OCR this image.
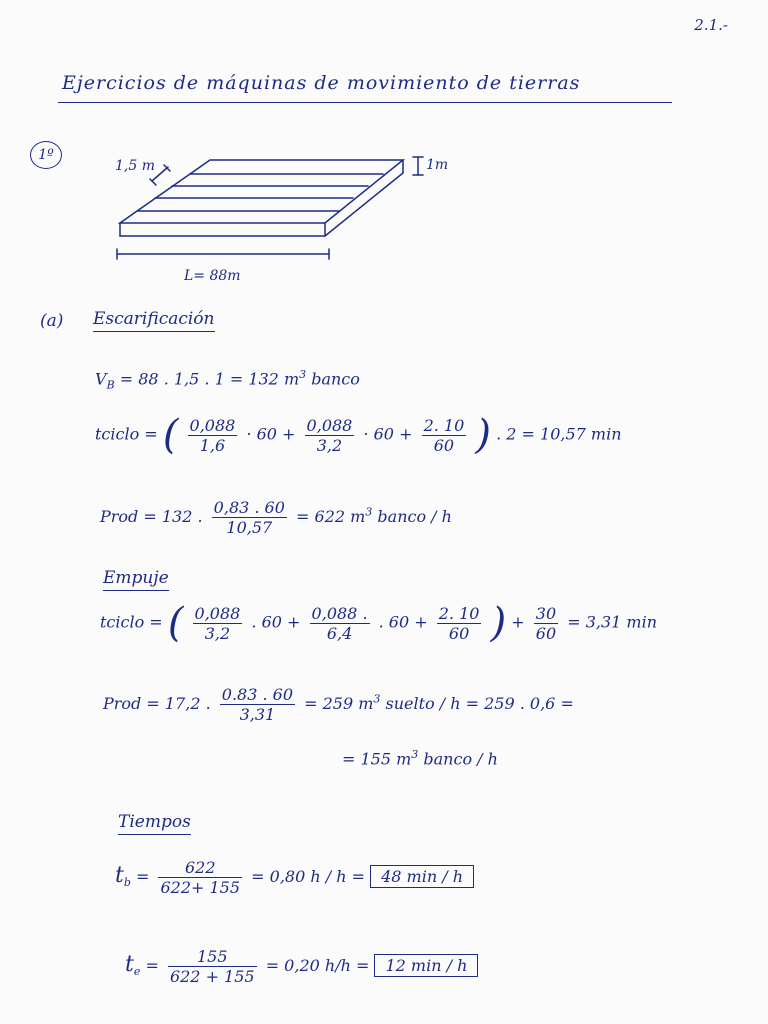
2.1.-
Ejercicios de máquinas de movimiento de tierras
1º
1,5 m	1m
L= 88m
(a) Escarificación
$V_B = 88$ . 1,5 . 1 = 132 $m^3$ banco
tciclo = ( $\frac{0,088}{1,6} \cdot 60 + \frac{0,088}{3,2} \cdot 60 + \frac{2. 10}{60}$ ) . 2 = 10,57 min
Prod = 132 . $\frac{0,83 . 60}{10,57} = 622$ $m^3$ banco / h
Empuje
tciclo = ( $\frac{0,088}{3,2}$ . $60 + \frac{0,088 .}{6,4}$ . $60 + \frac{2. 10}{60}$ ) + $\frac{30}{60} = 3,31$ min
Prod = 17,2 . $\frac{0.83 . 60}{3,31} = 259$ $m^3$ suelto / h = 259 . 0,6 =
= 155 $m^3$ banco / h
Tiempos
$t_b = \frac{622}{622+ 155} = 0,80$ h / h = 48 min / h
$t_e = \frac{155}{622 + 155} = 0,20$ h/h = 12 min / h
